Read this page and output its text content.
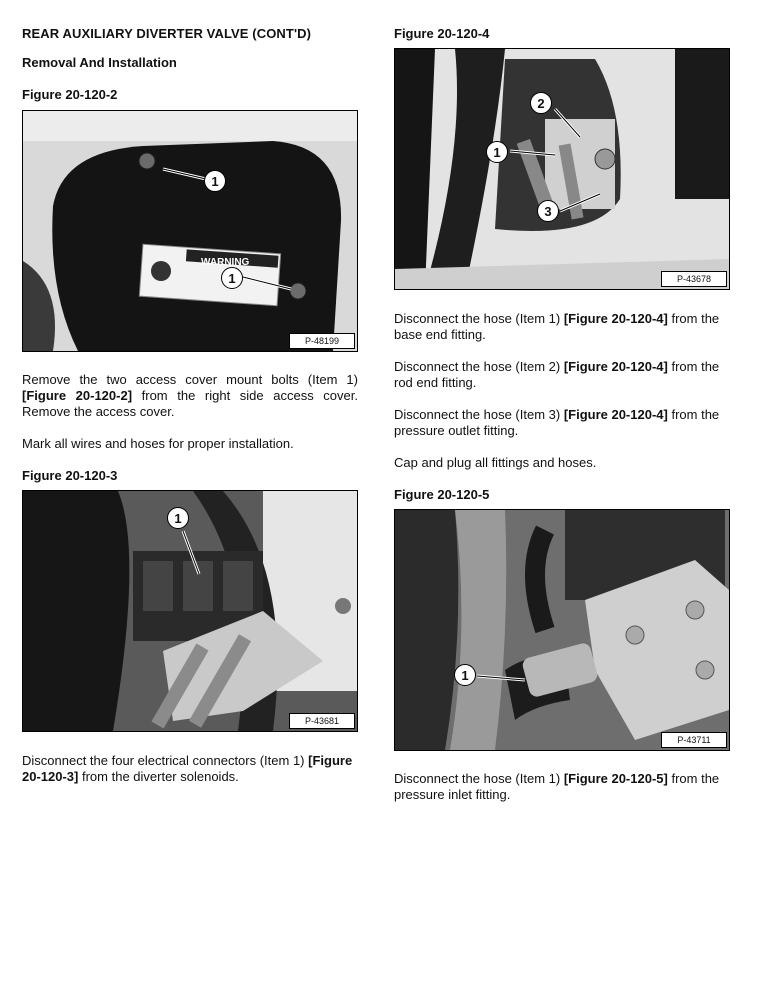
REAR AUXILIARY DIVERTER VALVE (CONT'D)
Removal And Installation
Figure 20-120-2
1
1
WARNING
P-48199

Remove the two access cover mount bolts (Item 1) [Figure 20-120-2] from the right side access cover. Remove the access cover.

Mark all wires and hoses for proper installation.

Figure 20-120-3
1
P-43681

Disconnect the four electrical connectors (Item 1) [Figure 20-120-3] from the diverter solenoids.

Figure 20-120-4
2
1
3
P-43678

Disconnect the hose (Item 1) [Figure 20-120-4] from the base end fitting.

Disconnect the hose (Item 2) [Figure 20-120-4] from the rod end fitting.

Disconnect the hose (Item 3) [Figure 20-120-4] from the pressure outlet fitting.

Cap and plug all fittings and hoses.

Figure 20-120-5
1
P-43711

Disconnect the hose (Item 1) [Figure 20-120-5] from the pressure inlet fitting.
